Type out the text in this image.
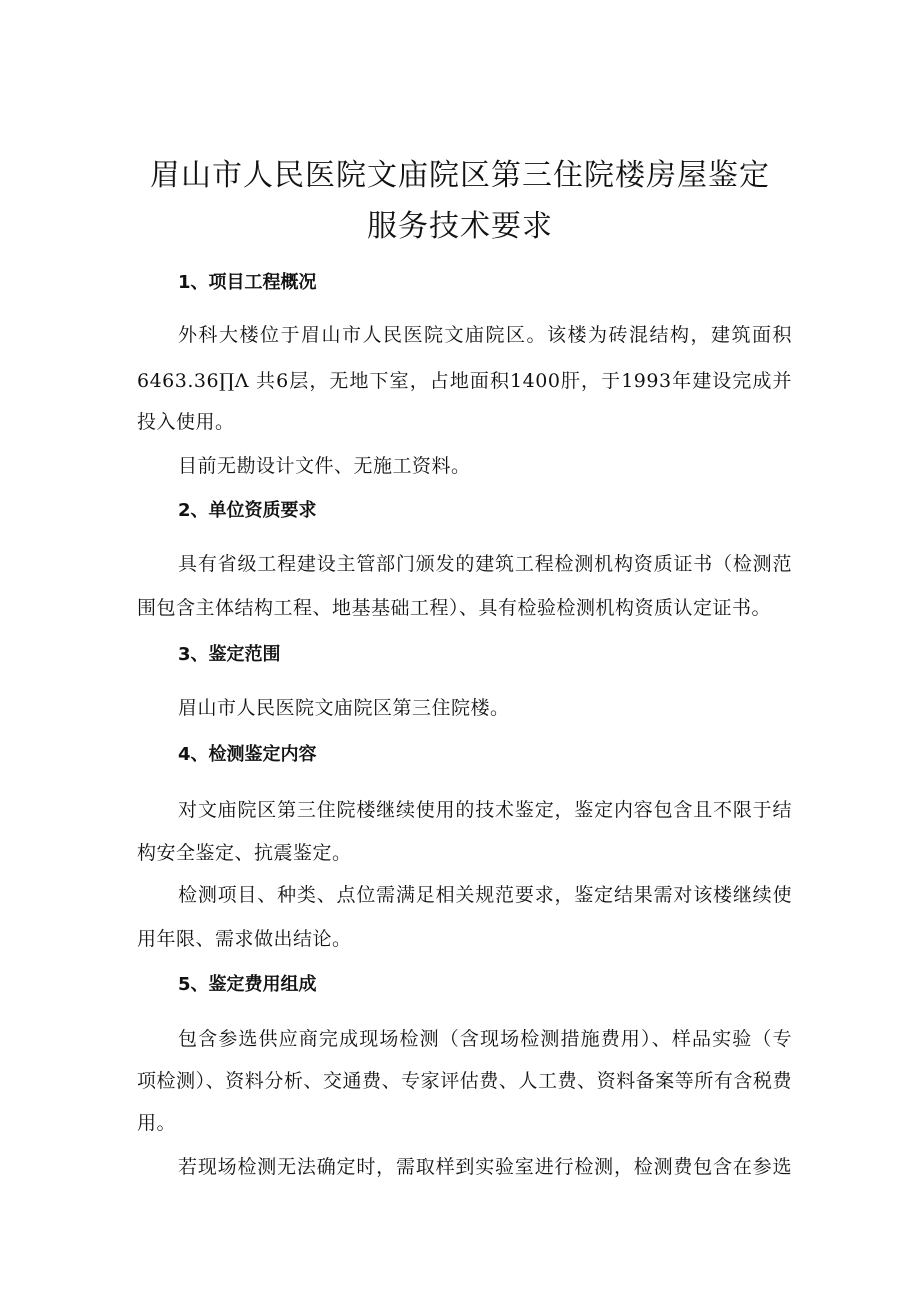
眉山市人民医院文庙院区第三住院楼房屋鉴定
服务技术要求
1、项目工程概况
外科大楼位于眉山市人民医院文庙院区。该楼为砖混结构，建筑面积
6463.36∏Λ 共6层，无地下室，占地面积1400肝，于1993年建设完成并
投入使用。
目前无勘设计文件、无施工资料。
2、单位资质要求
具有省级工程建设主管部门颁发的建筑工程检测机构资质证书（检测范
围包含主体结构工程、地基基础工程）、具有检验检测机构资质认定证书。
3、鉴定范围
眉山市人民医院文庙院区第三住院楼。
4、检测鉴定内容
对文庙院区第三住院楼继续使用的技术鉴定，鉴定内容包含且不限于结
构安全鉴定、抗震鉴定。
检测项目、种类、点位需满足相关规范要求，鉴定结果需对该楼继续使
用年限、需求做出结论。
5、鉴定费用组成
包含参选供应商完成现场检测（含现场检测措施费用）、样品实验（专
项检测）、资料分析、交通费、专家评估费、人工费、资料备案等所有含税费
用。
若现场检测无法确定时，需取样到实验室进行检测，检测费包含在参选
